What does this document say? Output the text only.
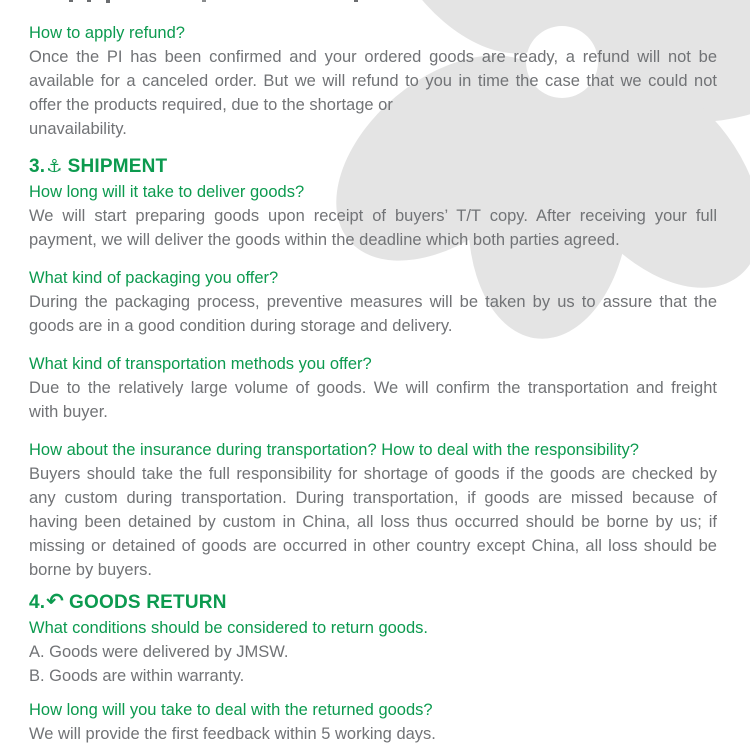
How to apply refund?
Once the PI has been confirmed and your ordered goods are ready, a refund will not be
available for a canceled order. But we will refund to you in time the case that we could not
offer the products required, due to the shortage or
unavailability.
3.⚓ SHIPMENT
How long will it take to deliver goods?
We will start preparing goods upon receipt of buyers’ T/T copy. After receiving your full
payment, we will deliver the goods within the deadline which both parties agreed.
What kind of packaging you offer?
During the packaging process, preventive measures will be taken by us to assure that the
goods are in a good condition during storage and delivery.
What kind of transportation methods you offer?
Due to the relatively large volume of goods. We will confirm the transportation and freight
with buyer.
How about the insurance during transportation? How to deal with the responsibility?
Buyers should take the full responsibility for shortage of goods if the goods are checked by
any custom during transportation. During transportation, if goods are missed because of
having been detained by custom in China, all loss thus occurred should be borne by us; if
missing or detained of goods are occurred in other country except China, all loss should be
borne by buyers.
4.↶ GOODS RETURN
What conditions should be considered to return goods.
A. Goods were delivered by JMSW.
B. Goods are within warranty.
How long will you take to deal with the returned goods?
We will provide the first feedback within 5 working days.
